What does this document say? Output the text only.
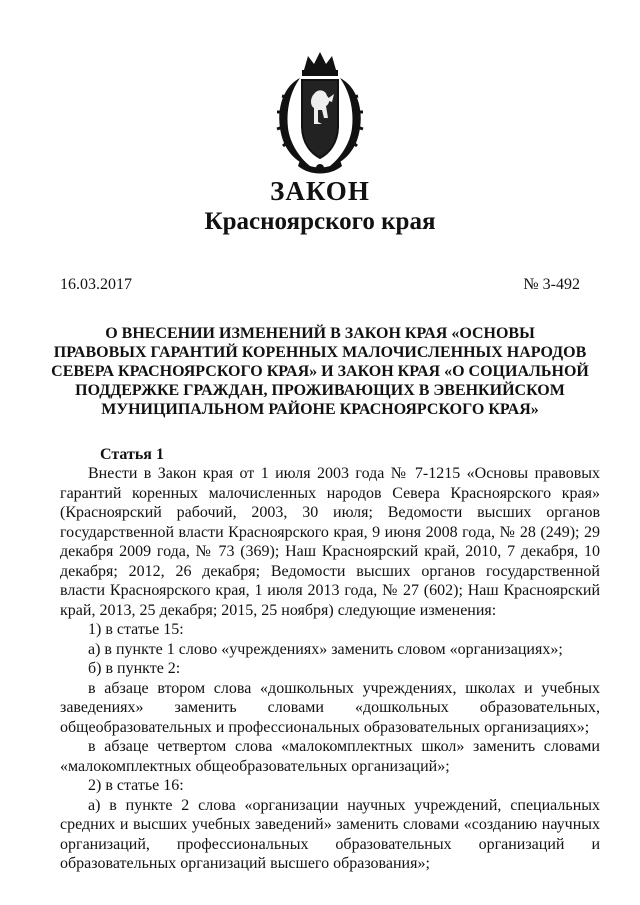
ЗАКОН
Красноярского края
16.03.2017	№ 3-492
О ВНЕСЕНИИ ИЗМЕНЕНИЙ В ЗАКОН КРАЯ «ОСНОВЫ
ПРАВОВЫХ ГАРАНТИЙ КОРЕННЫХ МАЛОЧИСЛЕННЫХ НАРОДОВ
СЕВЕРА КРАСНОЯРСКОГО КРАЯ» И ЗАКОН КРАЯ «О СОЦИАЛЬНОЙ
ПОДДЕРЖКЕ ГРАЖДАН, ПРОЖИВАЮЩИХ В ЭВЕНКИЙСКОМ
МУНИЦИПАЛЬНОМ РАЙОНЕ КРАСНОЯРСКОГО КРАЯ»
Статья 1

Внести в Закон края от 1 июля 2003 года № 7-1215 «Основы правовых гарантий коренных малочисленных народов Севера Красноярского края» (Красноярский рабочий, 2003, 30 июля; Ведомости высших органов государственной власти Красноярского края, 9 июня 2008 года, № 28 (249); 29 декабря 2009 года, № 73 (369); Наш Красноярский край, 2010, 7 декабря, 10 декабря; 2012, 26 декабря; Ведомости высших органов государственной власти Красноярского края, 1 июля 2013 года, № 27 (602); Наш Красноярский край, 2013, 25 декабря; 2015, 25 ноября) следующие изменения:

1) в статье 15:

а) в пункте 1 слово «учреждениях» заменить словом «организациях»;

б) в пункте 2:

в абзаце втором слова «дошкольных учреждениях, школах и учебных заведениях» заменить словами «дошкольных образовательных, общеобразовательных и профессиональных образовательных организациях»;

в абзаце четвертом слова «малокомплектных школ» заменить словами «малокомплектных общеобразовательных организаций»;

2) в статье 16:

а) в пункте 2 слова «организации научных учреждений, специальных средних и высших учебных заведений» заменить словами «созданию научных организаций, профессиональных образовательных организаций и образовательных организаций высшего образования»;
